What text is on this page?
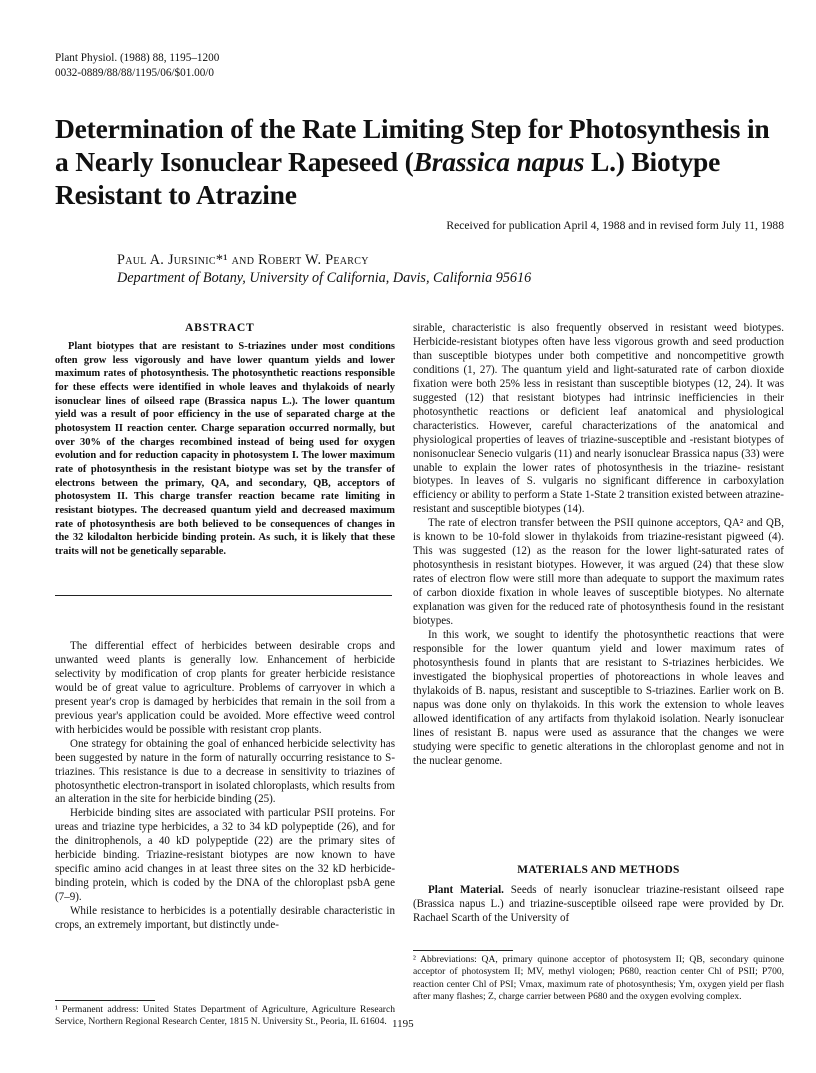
Plant Physiol. (1988) 88, 1195–1200
0032-0889/88/88/1195/06/$01.00/0
Determination of the Rate Limiting Step for Photosynthesis in a Nearly Isonuclear Rapeseed (Brassica napus L.) Biotype Resistant to Atrazine
Received for publication April 4, 1988 and in revised form July 11, 1988
Paul A. Jursinic*¹ and Robert W. Pearcy
Department of Botany, University of California, Davis, California 95616
ABSTRACT
Plant biotypes that are resistant to S-triazines under most conditions often grow less vigorously and have lower quantum yields and lower maximum rates of photosynthesis. The photosynthetic reactions responsible for these effects were identified in whole leaves and thylakoids of nearly isonuclear lines of oilseed rape (Brassica napus L.). The lower quantum yield was a result of poor efficiency in the use of separated charge at the photosystem II reaction center. Charge separation occurred normally, but over 30% of the charges recombined instead of being used for oxygen evolution and for reduction capacity in photosystem I. The lower maximum rate of photosynthesis in the resistant biotype was set by the transfer of electrons between the primary, QA, and secondary, QB, acceptors of photosystem II. This charge transfer reaction became rate limiting in resistant biotypes. The decreased quantum yield and decreased maximum rate of photosynthesis are both believed to be consequences of changes in the 32 kilodalton herbicide binding protein. As such, it is likely that these traits will not be genetically separable.

The differential effect of herbicides between desirable crops and unwanted weed plants is generally low. Enhancement of herbicide selectivity by modification of crop plants for greater herbicide resistance would be of great value to agriculture. Problems of carryover in which a present year's crop is damaged by herbicides that remain in the soil from a previous year's application could be avoided. More effective weed control with herbicides would be possible with resistant crop plants.

One strategy for obtaining the goal of enhanced herbicide selectivity has been suggested by nature in the form of naturally occurring resistance to S-triazines. This resistance is due to a decrease in sensitivity to triazines of photosynthetic electron-transport in isolated chloroplasts, which results from an alteration in the site for herbicide binding (25).

Herbicide binding sites are associated with particular PSII proteins. For ureas and triazine type herbicides, a 32 to 34 kD polypeptide (26), and for the dinitrophenols, a 40 kD polypeptide (22) are the primary sites of herbicide binding. Triazine-resistant biotypes are now known to have specific amino acid changes in at least three sites on the 32 kD herbicide-binding protein, which is coded by the DNA of the chloroplast psbA gene (7–9).

While resistance to herbicides is a potentially desirable characteristic in crops, an extremely important, but distinctly unde-

sirable, characteristic is also frequently observed in resistant weed biotypes. Herbicide-resistant biotypes often have less vigorous growth and seed production than susceptible biotypes under both competitive and noncompetitive growth conditions (1, 27). The quantum yield and light-saturated rate of carbon dioxide fixation were both 25% less in resistant than susceptible biotypes (12, 24). It was suggested (12) that resistant biotypes had intrinsic inefficiencies in their photosynthetic reactions or deficient leaf anatomical and physiological characteristics. However, careful characterizations of the anatomical and physiological properties of leaves of triazine-susceptible and -resistant biotypes of nonisonuclear Senecio vulgaris (11) and nearly isonuclear Brassica napus (33) were unable to explain the lower rates of photosynthesis in the triazine- resistant biotypes. In leaves of S. vulgaris no significant difference in carboxylation efficiency or ability to perform a State 1-State 2 transition existed between atrazine-resistant and susceptible biotypes (14).

The rate of electron transfer between the PSII quinone acceptors, QA² and QB, is known to be 10-fold slower in thylakoids from triazine-resistant pigweed (4). This was suggested (12) as the reason for the lower light-saturated rates of photosynthesis in resistant biotypes. However, it was argued (24) that these slow rates of electron flow were still more than adequate to support the maximum rates of carbon dioxide fixation in whole leaves of susceptible biotypes. No alternate explanation was given for the reduced rate of photosynthesis found in the resistant biotypes.

In this work, we sought to identify the photosynthetic reactions that were responsible for the lower quantum yield and lower maximum rates of photosynthesis found in plants that are resistant to S-triazines herbicides. We investigated the biophysical properties of photoreactions in whole leaves and thylakoids of B. napus, resistant and susceptible to S-triazines. Earlier work on B. napus was done only on thylakoids. In this work the extension to whole leaves allowed identification of any artifacts from thylakoid isolation. Nearly isonuclear lines of resistant B. napus were used as assurance that the changes we were studying were specific to genetic alterations in the chloroplast genome and not in the nuclear genome.

MATERIALS AND METHODS

Plant Material. Seeds of nearly isonuclear triazine-resistant oilseed rape (Brassica napus L.) and triazine-susceptible oilseed rape were provided by Dr. Rachael Scarth of the University of

¹ Permanent address: United States Department of Agriculture, Agriculture Research Service, Northern Regional Research Center, 1815 N. University St., Peoria, IL 61604.
² Abbreviations: QA, primary quinone acceptor of photosystem II; QB, secondary quinone acceptor of photosystem II; MV, methyl viologen; P680, reaction center Chl of PSII; P700, reaction center Chl of PSI; Vmax, maximum rate of photosynthesis; Ym, oxygen yield per flash after many flashes; Z, charge carrier between P680 and the oxygen evolving complex.
1195
